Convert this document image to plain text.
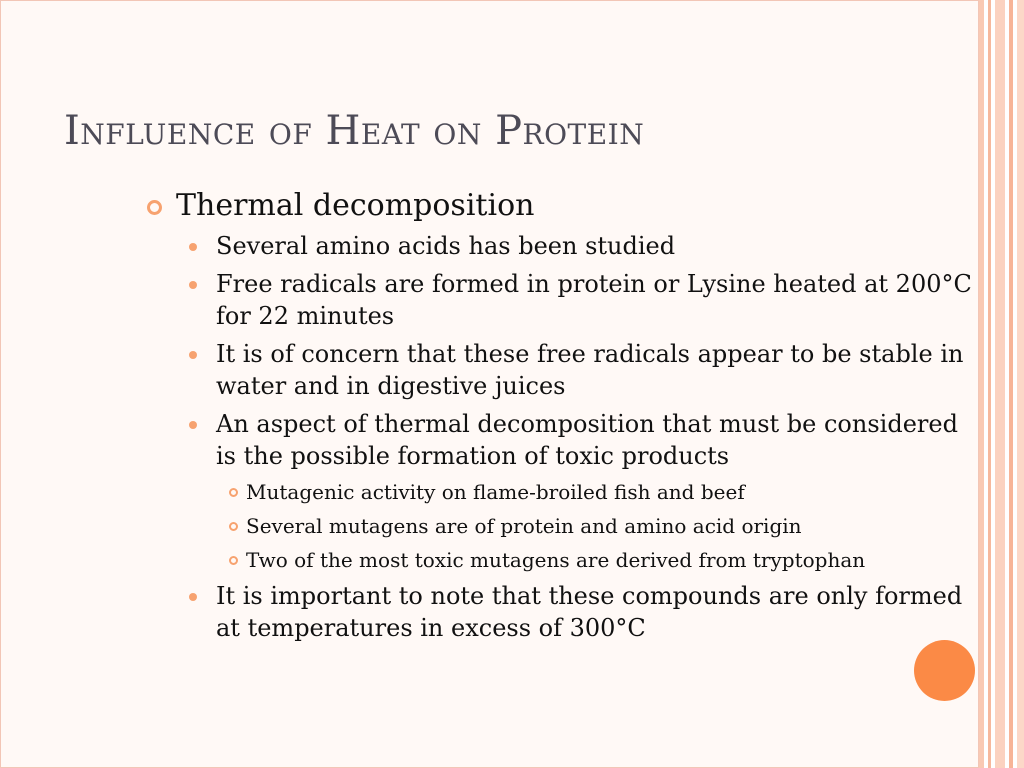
Influence of Heat on Protein
Thermal decomposition
Several amino acids has been studied
Free radicals are formed in protein or Lysine heated at 200°C for 22 minutes
It is of concern that these free radicals appear to be stable in water and in digestive juices
An aspect of thermal decomposition that must be considered is the possible formation of toxic products
Mutagenic activity on flame-broiled fish and beef
Several mutagens are of protein and amino acid origin
Two of the most toxic mutagens are derived from tryptophan
It is important to note that these compounds are only formed at temperatures in excess of 300°C
